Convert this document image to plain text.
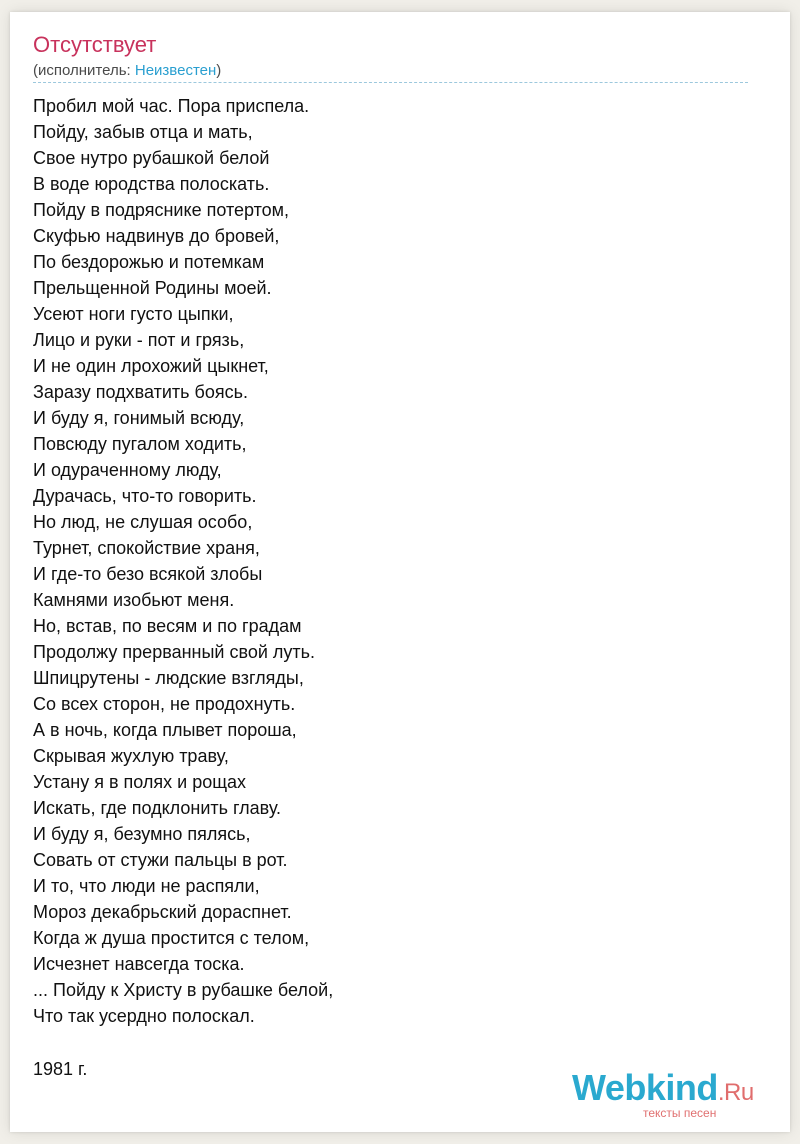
Отсутствует
(исполнитель: Неизвестен)
Пробил мой час. Пора приспела.
Пойду, забыв отца и мать,
Свое нутро рубашкой белой
В воде юродства полоскать.
Пойду в подряснике потертом,
Скуфью надвинув до бровей,
По бездорожью и потемкам
Прельщенной Родины моей.
Усеют ноги густо цыпки,
Лицо и руки - пот и грязь,
И не один лрохожий цыкнет,
Заразу подхватить боясь.
И буду я, гонимый всюду,
Повсюду пугалом ходить,
И одураченному люду,
Дурачась, что-то говорить.
Но люд, не слушая особо,
Турнет, спокойствие храня,
И где-то безо всякой злобы
Камнями изобьют меня.
Но, встав, по весям и по градам
Продолжу прерванный свой луть.
Шпицрутены - людские взгляды,
Со всех сторон, не продохнуть.
А в ночь, когда плывет пороша,
Скрывая жухлую траву,
Устану я в полях и рощах
Искать, где подклонить главу.
И буду я, безумно пялясь,
Совать от стужи пальцы в рот.
И то, что люди не распяли,
Мороз декабрьский дораспнет.
Когда ж душа простится с телом,
Исчезнет навсегда тоска.
... Пойду к Христу в рубашке белой,
Что так усердно полоскал.
1981 г.	Webkind.Ru
тексты песен
